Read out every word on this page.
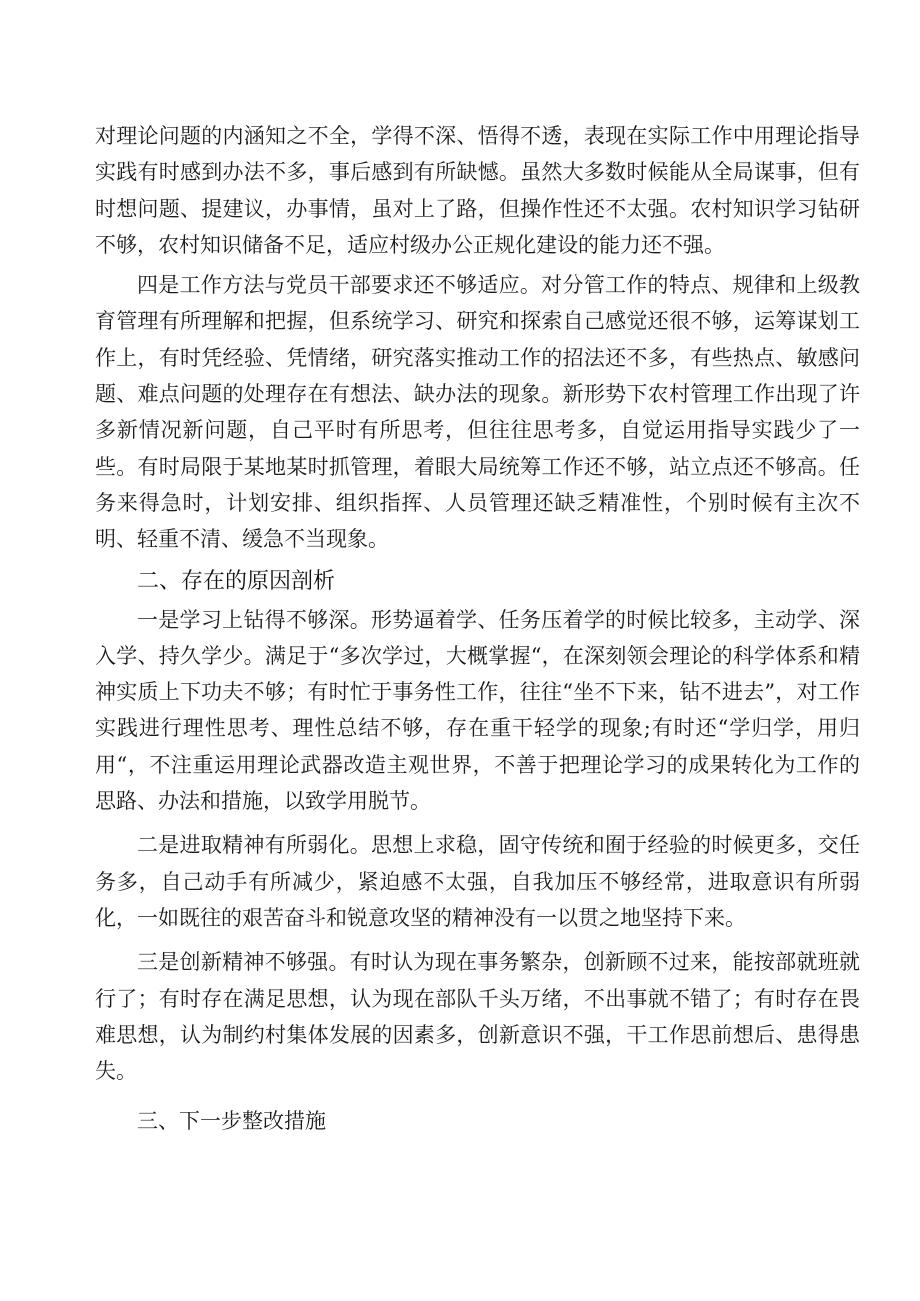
对理论问题的内涵知之不全，学得不深、悟得不透，表现在实际工作中用理论指导实践有时感到办法不多，事后感到有所缺憾。虽然大多数时候能从全局谋事，但有时想问题、提建议，办事情，虽对上了路，但操作性还不太强。农村知识学习钻研不够，农村知识储备不足，适应村级办公正规化建设的能力还不强。

四是工作方法与党员干部要求还不够适应。对分管工作的特点、规律和上级教育管理有所理解和把握，但系统学习、研究和探索自己感觉还很不够，运筹谋划工作上，有时凭经验、凭情绪，研究落实推动工作的招法还不多，有些热点、敏感问题、难点问题的处理存在有想法、缺办法的现象。新形势下农村管理工作出现了许多新情况新问题，自己平时有所思考，但往往思考多，自觉运用指导实践少了一些。有时局限于某地某时抓管理，着眼大局统筹工作还不够，站立点还不够高。任务来得急时，计划安排、组织指挥、人员管理还缺乏精准性，个别时候有主次不明、轻重不清、缓急不当现象。

二、存在的原因剖析

一是学习上钻得不够深。形势逼着学、任务压着学的时候比较多，主动学、深入学、持久学少。满足于“多次学过，大概掌握“，在深刻领会理论的科学体系和精神实质上下功夫不够；有时忙于事务性工作，往往“坐不下来，钻不进去”，对工作实践进行理性思考、理性总结不够，存在重干轻学的现象;有时还“学归学，用归用“，不注重运用理论武器改造主观世界，不善于把理论学习的成果转化为工作的思路、办法和措施，以致学用脱节。

二是进取精神有所弱化。思想上求稳，固守传统和囿于经验的时候更多，交任务多，自己动手有所减少，紧迫感不太强，自我加压不够经常，进取意识有所弱化，一如既往的艰苦奋斗和锐意攻坚的精神没有一以贯之地坚持下来。

三是创新精神不够强。有时认为现在事务繁杂，创新顾不过来，能按部就班就行了；有时存在满足思想，认为现在部队千头万绪，不出事就不错了；有时存在畏难思想，认为制约村集体发展的因素多，创新意识不强，干工作思前想后、患得患失。

三、下一步整改措施
